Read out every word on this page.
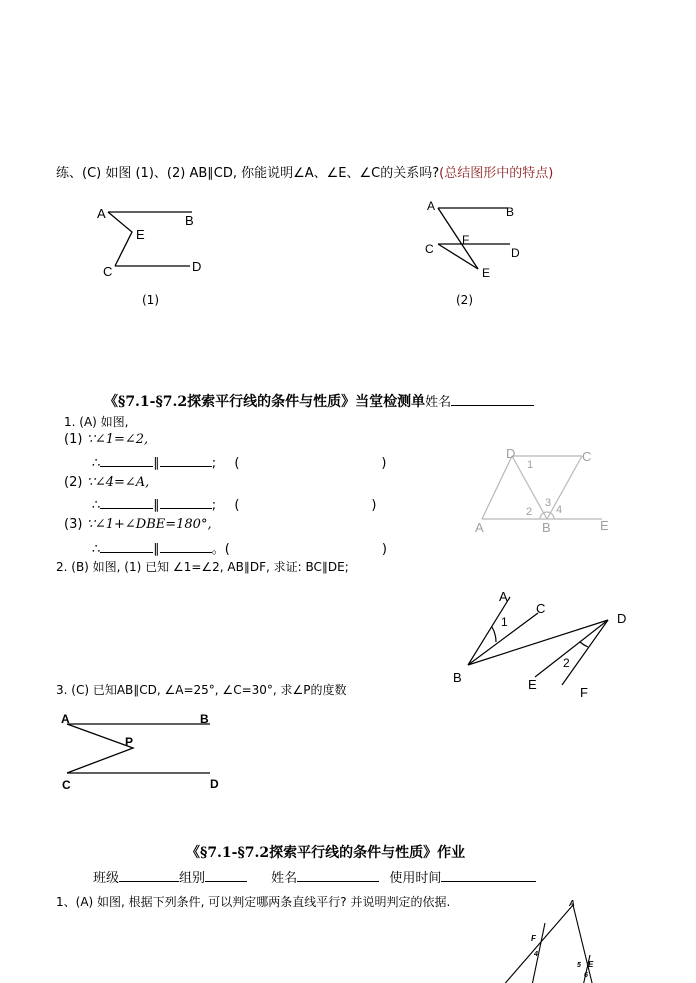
练、(C) 如图 (1)、(2) AB∥CD, 你能说明∠A、∠E、∠C的关系吗?(总结图形中的特点)
A	B
E
C	D
(1)
A	B
F
C	D
E
(2)
《§7.1-§7.2探索平行线的条件与性质》当堂检测单姓名
1. (A) 如图,
(1) ∵∠1=∠2,
∴	∥	; (	)
(2) ∵∠4=∠A,
∴	∥	; (	)
(3) ∵∠1+∠DBE=180°,
∴	∥	。(	)
D	C
A	B	E
1
2
3
4
2. (B) 如图, (1) 已知 ∠1=∠2, AB∥DF, 求证: BC∥DE;
A
C
D
B	E
F
1
2
3. (C) 已知AB∥CD, ∠A=25°, ∠C=30°, 求∠P的度数
A	B
P
C	D
《§7.1-§7.2探索平行线的条件与性质》作业
班级	组别	姓名	使用时间
1、(A) 如图, 根据下列条件, 可以判定哪两条直线平行? 并说明判定的依据.	A
F
4
5 E
6
